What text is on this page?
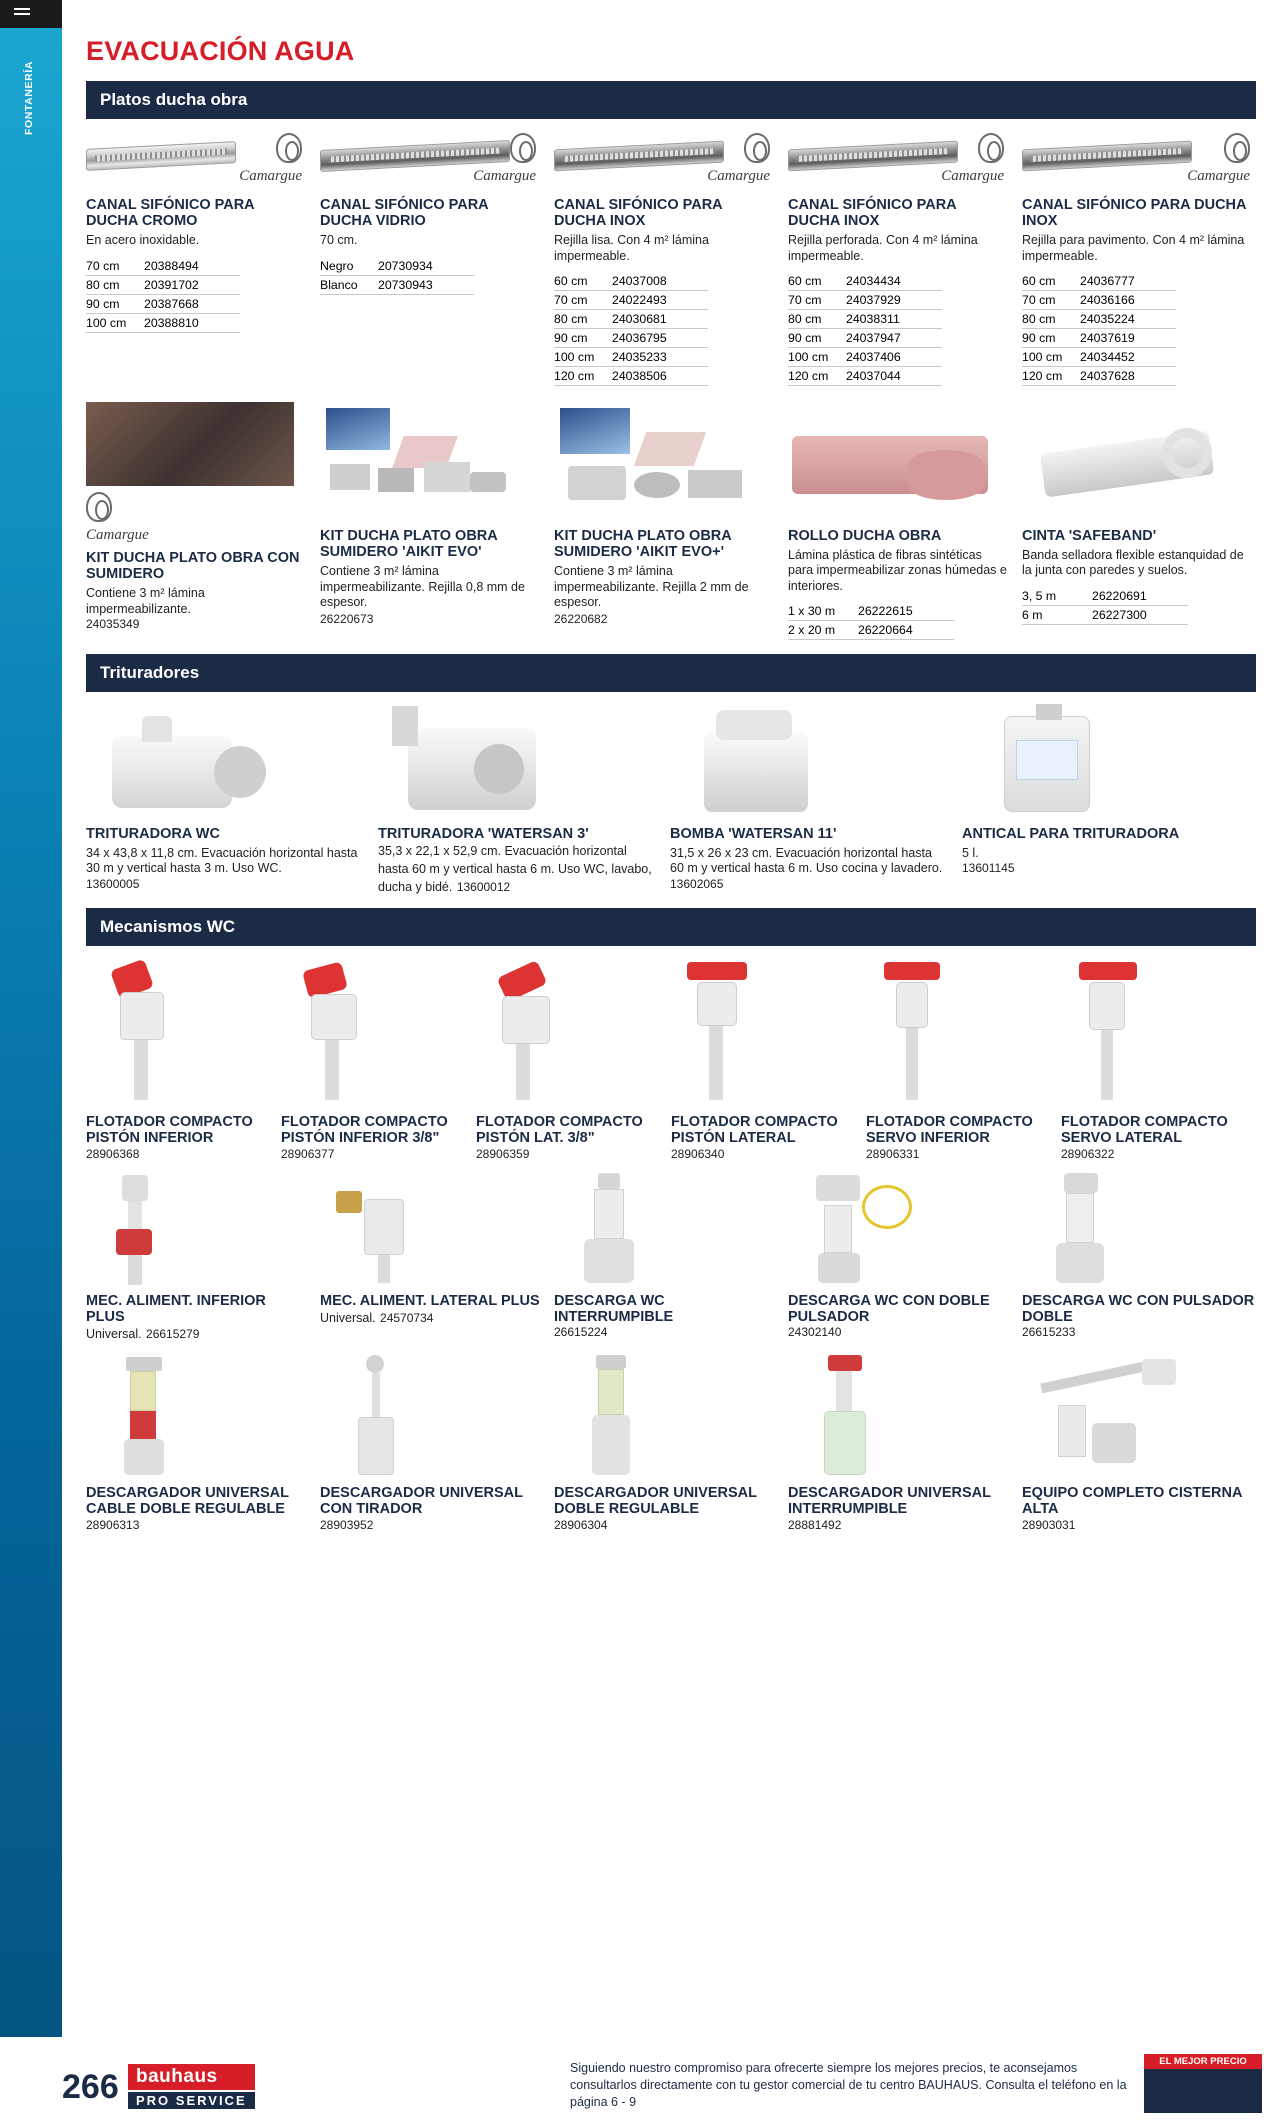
FONTANERÍA
EVACUACIÓN AGUA
Platos ducha obra
Camargue
CANAL SIFÓNICO PARA DUCHA CROMO
En acero inoxidable.
70 cm	20388494
80 cm	20391702
90 cm	20387668
100 cm	20388810
Camargue
CANAL SIFÓNICO PARA DUCHA VIDRIO
70 cm.
Negro	20730934
Blanco	20730943
Camargue
CANAL SIFÓNICO PARA DUCHA INOX
Rejilla lisa. Con 4 m² lámina impermeable.
60 cm	24037008
70 cm	24022493
80 cm	24030681
90 cm	24036795
100 cm	24035233
120 cm	24038506
Camargue
CANAL SIFÓNICO PARA DUCHA INOX
Rejilla perforada. Con 4 m² lámina impermeable.
60 cm	24034434
70 cm	24037929
80 cm	24038311
90 cm	24037947
100 cm	24037406
120 cm	24037044
Camargue
CANAL SIFÓNICO PARA DUCHA INOX
Rejilla para pavimento. Con 4 m² lámina impermeable.
60 cm	24036777
70 cm	24036166
80 cm	24035224
90 cm	24037619
100 cm	24034452
120 cm	24037628
Camargue
KIT DUCHA PLATO OBRA CON SUMIDERO
Contiene 3 m² lámina impermeabilizante.
24035349
KIT DUCHA PLATO OBRA SUMIDERO 'AIKIT EVO'
Contiene 3 m² lámina impermeabilizante. Rejilla 0,8 mm de espesor.
26220673
KIT DUCHA PLATO OBRA SUMIDERO 'AIKIT EVO+'
Contiene 3 m² lámina impermeabilizante. Rejilla 2 mm de espesor.
26220682
ROLLO DUCHA OBRA
Lámina plástica de fibras sintéticas para impermeabilizar zonas húmedas e interiores.
1 x 30 m	26222615
2 x 20 m	26220664
CINTA 'SAFEBAND'
Banda selladora flexible estanquidad de la junta con paredes y suelos.
3, 5 m	26220691
6 m	26227300
Trituradores
TRITURADORA WC
34 x 43,8 x 11,8 cm. Evacuación horizontal hasta 30 m y vertical hasta 3 m. Uso WC.
13600005
TRITURADORA 'WATERSAN 3'
35,3 x 22,1 x 52,9 cm. Evacuación horizontal hasta 60 m y vertical hasta 6 m. Uso WC, lavabo, ducha y bidé. 13600012
BOMBA 'WATERSAN 11'
31,5 x 26 x 23 cm. Evacuación horizontal hasta 60 m y vertical hasta 6 m. Uso cocina y lavadero.
13602065
ANTICAL PARA TRITURADORA
5 l.
13601145
Mecanismos WC
FLOTADOR COMPACTO PISTÓN INFERIOR
28906368
FLOTADOR COMPACTO PISTÓN INFERIOR 3/8"
28906377
FLOTADOR COMPACTO PISTÓN LAT. 3/8"
28906359
FLOTADOR COMPACTO PISTÓN LATERAL
28906340
FLOTADOR COMPACTO SERVO INFERIOR
28906331
FLOTADOR COMPACTO SERVO LATERAL
28906322
MEC. ALIMENT. INFERIOR PLUS
Universal. 26615279

MEC. ALIMENT. LATERAL PLUS
Universal. 24570734
DESCARGA WC INTERRUMPIBLE
26615224
DESCARGA WC CON DOBLE PULSADOR
24302140
DESCARGA WC CON PULSADOR DOBLE
26615233
DESCARGADOR UNIVERSAL CABLE DOBLE REGULABLE
28906313
DESCARGADOR UNIVERSAL CON TIRADOR
28903952
DESCARGADOR UNIVERSAL DOBLE REGULABLE
28906304
DESCARGADOR UNIVERSAL INTERRUMPIBLE
28881492
EQUIPO COMPLETO CISTERNA ALTA
28903031
266 bauhaus
PRO SERVICE
Siguiendo nuestro compromiso para ofrecerte siempre los mejores precios, te aconsejamos consultarlos directamente con tu gestor comercial de tu centro BAUHAUS. Consulta el teléfono en la página 6 - 9
EL MEJOR PRECIO
